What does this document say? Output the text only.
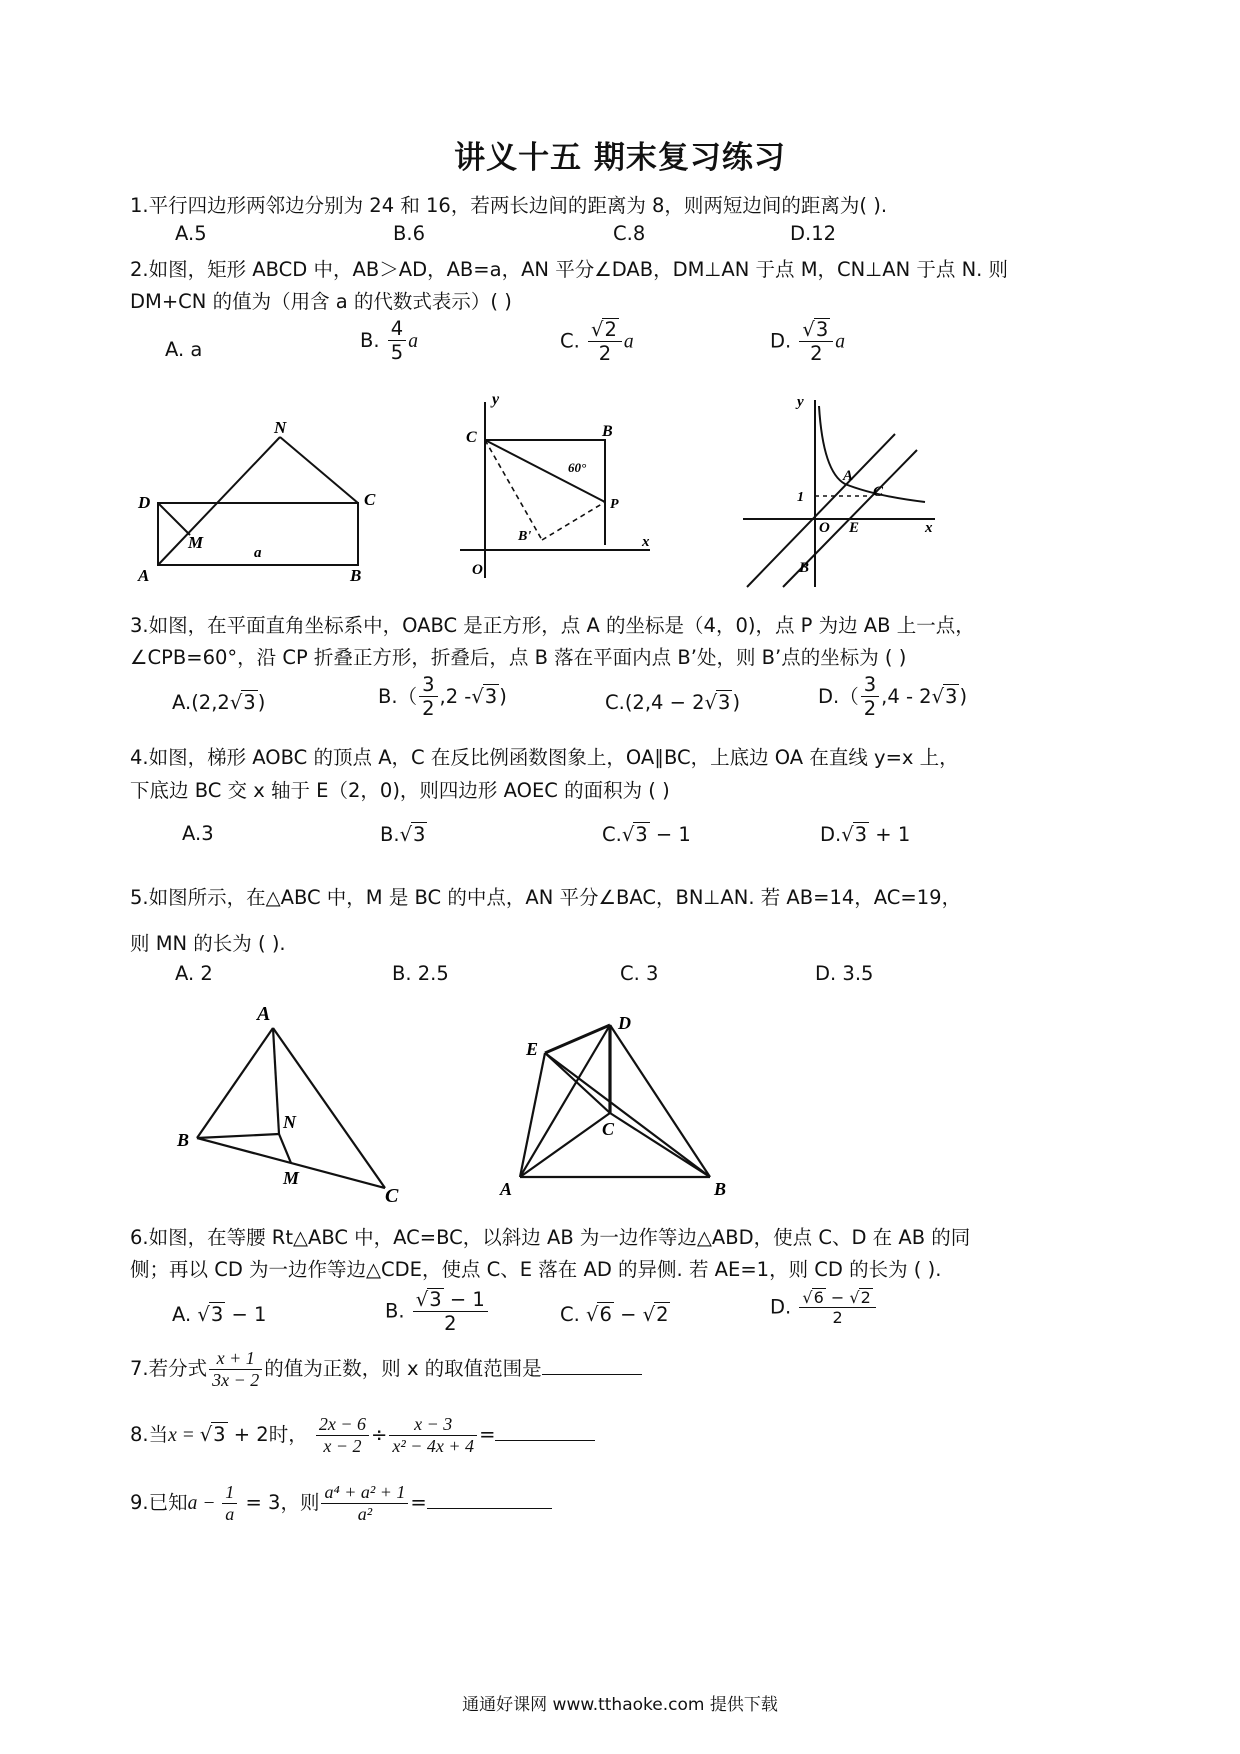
讲义十五 期末复习练习
1.平行四边形两邻边分别为 24 和 16，若两长边间的距离为 8，则两短边间的距离为( ).
A.5	B.6	C.8	D.12
2.如图，矩形 ABCD 中，AB＞AD，AB=a，AN 平分∠DAB，DM⊥AN 于点 M，CN⊥AN 于点 N. 则
DM+CN 的值为（用含 a 的代数式表示）( )
A. a	B. $\frac{4}{5}$ a	C. $\frac{√2}{2}$ a	D. $\frac{√3}{2}$ a
N
D	C
M
a
A	B
y
C	B
60°
P
B'	x
O
y
A
C
1
O E	x
B
3.如图，在平面直角坐标系中，OABC 是正方形，点 A 的坐标是（4，0)，点 P 为边 AB 上一点，
∠CPB=60°，沿 CP 折叠正方形，折叠后，点 B 落在平面内点 B’处，则 B’点的坐标为 ( )
A.(2,2√3 )	$B.( \frac{3}{2} ,2$ -√3 )	C.(2,4 − 2√3 )	$D.( \frac{3}{2} ,4 - 2√3$ )
4.如图，梯形 AOBC 的顶点 A，C 在反比例函数图象上，OA∥BC，上底边 OA 在直线 y=x 上，
下底边 BC 交 x 轴于 E（2，0)，则四边形 AOEC 的面积为 ( )
A.3	B.√3	C.√3 − 1	D.√3 + 1
5.如图所示，在△ABC 中，M 是 BC 的中点，AN 平分∠BAC，BN⊥AN. 若 AB=14，AC=19，
则 MN 的长为 ( ).
A. 2	B. 2.5	C. 3	D. 3.5
A
N
B
M
C
D
E
C
A	B
6.如图，在等腰 Rt△ABC 中，AC=BC，以斜边 AB 为一边作等边△ABD，使点 C、D 在 AB 的同
侧；再以 CD 为一边作等边△CDE，使点 C、E 落在 AD 的异侧. 若 AE=1，则 CD 的长为 ( ).
A. √3 − 1	B. $\frac{√3 - 1}{2}$	C. √6 − √2	D. $\frac{√6 - √2}{2}$
7.若分式 $\frac{x + 1}{3x - 2}$ 的值为正数，则 x 的取值范围是
8.当x = √3 + 2时， $\frac{2x - 6}{x - 2} \div \frac{x - 3}{\text{x² − 4x + 4}}$ =
9.已知$a - \frac{1}{a} = 3$，则 $\frac{\text{a⁴ + a² + 1}}{\text{a²}}$ =
通通好课网 www.tthaoke.com 提供下载
